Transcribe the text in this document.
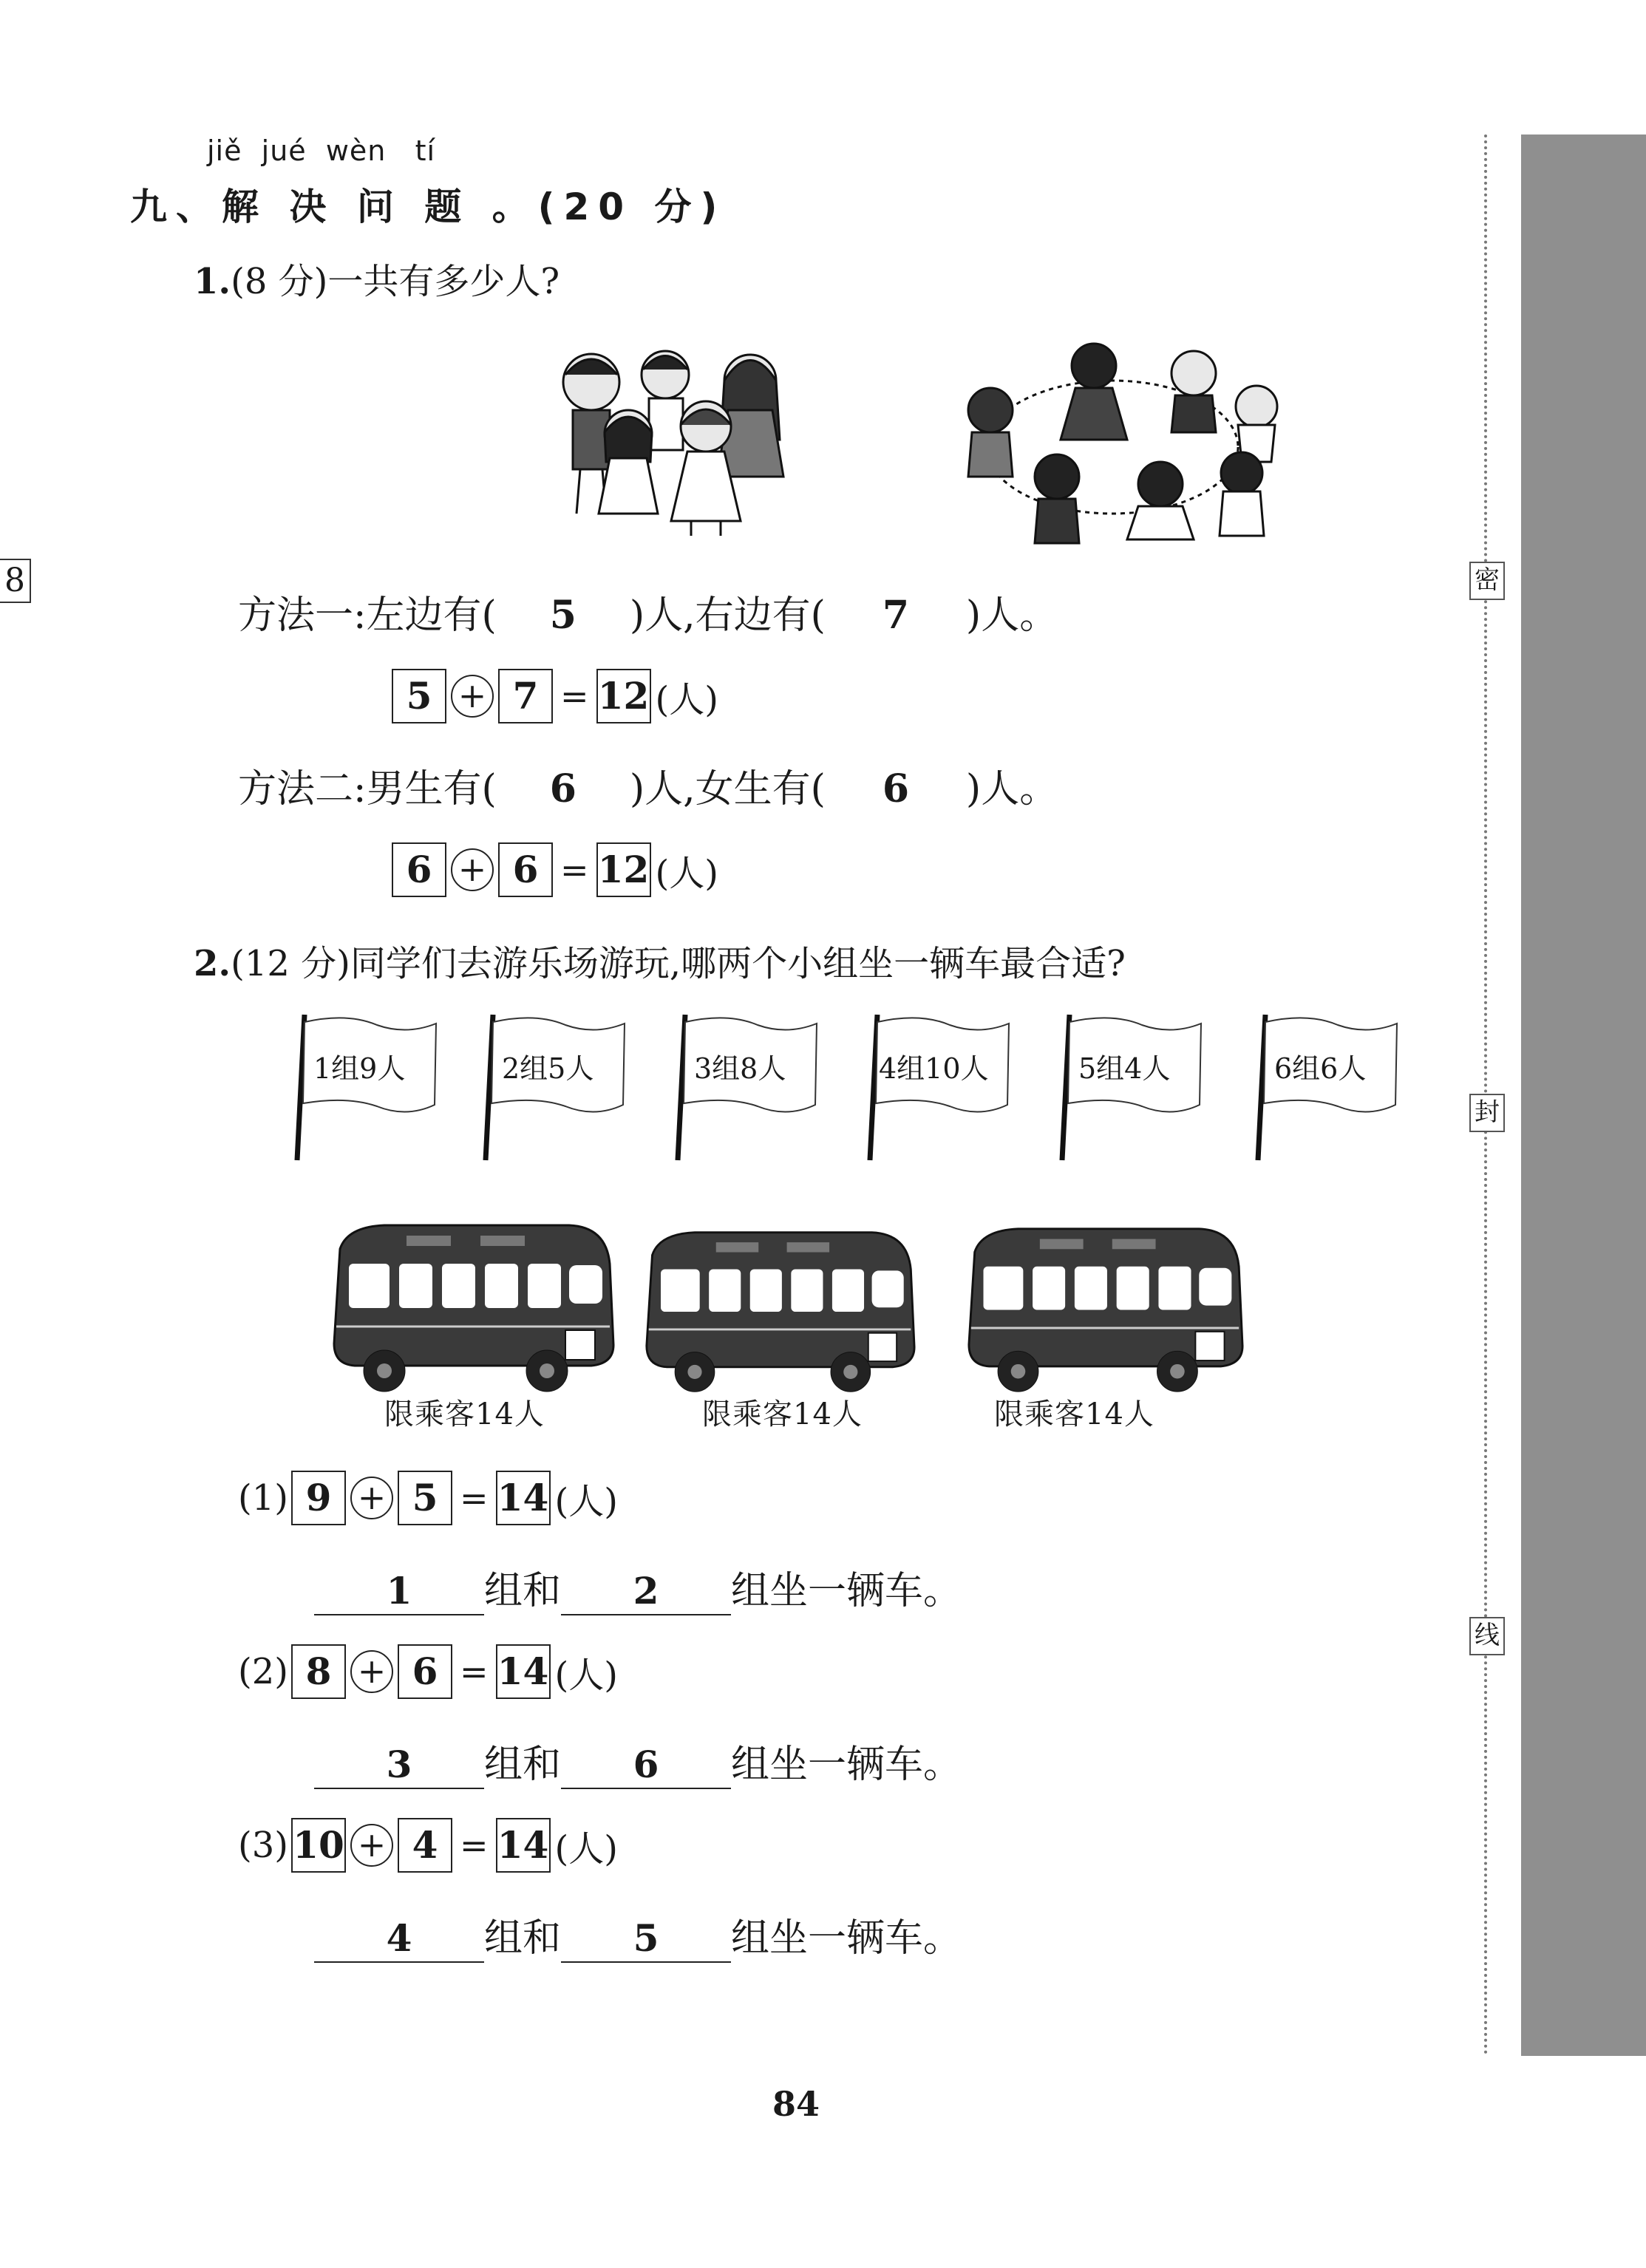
密
封
线
8
jiě  jué  wèn   tí
九、解 决 问 题 。(20 分)
1.(8 分)一共有多少人?
方法一:左边有( 5 )人,右边有( 7 )人。
5 + 7 = 12 (人)
方法二:男生有( 6 )人,女生有( 6 )人。
6 + 6 = 12 (人)
2.(12 分)同学们去游乐场游玩,哪两个小组坐一辆车最合适?
1组9人	2组5人	3组8人	4组10人	5组4人	6组6人
限乘客14人	限乘客14人	限乘客14人
(1) 9 + 5 = 14 (人)
1 组和 2 组坐一辆车。
(2) 8 + 6 = 14 (人)
3 组和 6 组坐一辆车。
(3) 10 + 4 = 14 (人)
4 组和 5 组坐一辆车。
84
